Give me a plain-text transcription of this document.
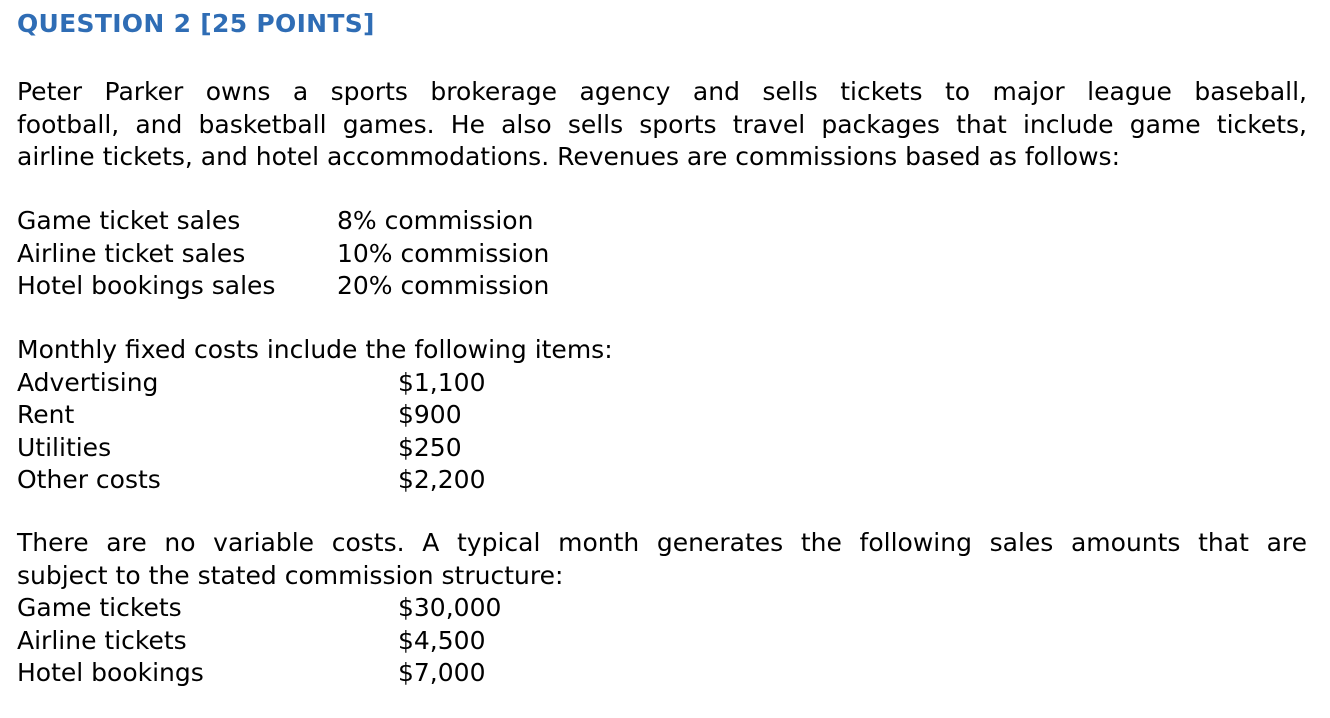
QUESTION 2 [25 POINTS]
Peter Parker owns a sports brokerage agency and sells tickets to major league baseball,
football, and basketball games. He also sells sports travel packages that include game tickets,
airline tickets, and hotel accommodations. Revenues are commissions based as follows:
Game ticket sales	8% commission
Airline ticket sales	10% commission
Hotel bookings sales 20% commission
Monthly fixed costs include the following items:
Advertising	$1,100
Rent	$900
Utilities	$250
Other costs	$2,200
There are no variable costs. A typical month generates the following sales amounts that are
subject to the stated commission structure:
Game tickets	$30,000
Airline tickets	$4,500
Hotel bookings	$7,000
